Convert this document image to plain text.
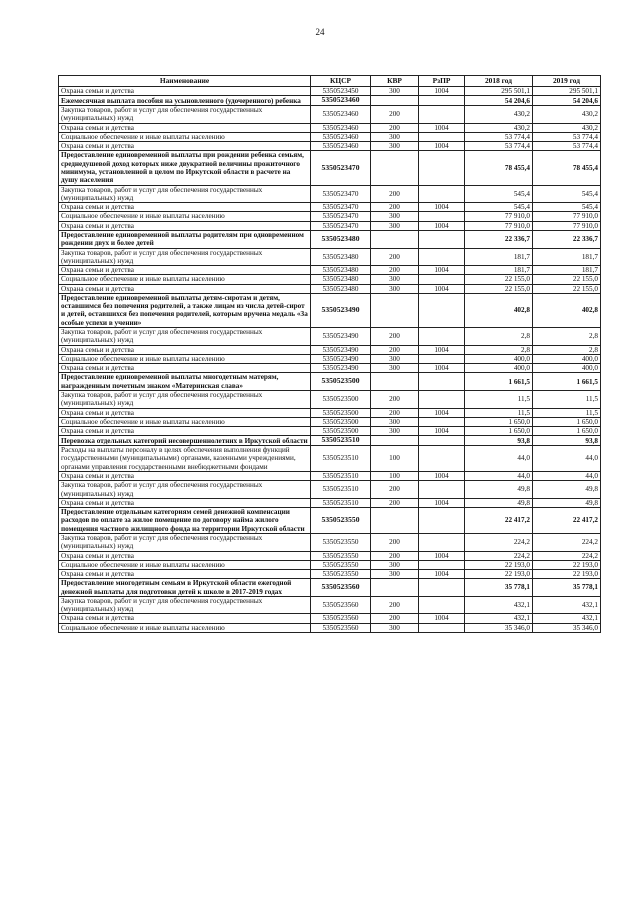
24
Наименование	КЦСР	КВР	РзПР	2018 год	2019 год
Охрана семьи и детства	5350523450	300	1004	295 501,1	295 501,1
Ежемесячная выплата пособия на усыновленного (удочеренного) ребенка	5350523460			54 204,6	54 204,6
Закупка товаров, работ и услуг для обеспечения государственных (муниципальных) нужд	5350523460	200		430,2	430,2
Охрана семьи и детства	5350523460	200	1004	430,2	430,2
Социальное обеспечение и иные выплаты населению	5350523460	300		53 774,4	53 774,4
Охрана семьи и детства	5350523460	300	1004	53 774,4	53 774,4
Предоставление единовременной выплаты при рождении ребенка семьям, среднедушевой доход которых ниже двукратной величины прожиточного минимума, установленной в целом по Иркутской области в расчете на душу населения	5350523470			78 455,4	78 455,4
Закупка товаров, работ и услуг для обеспечения государственных (муниципальных) нужд	5350523470	200		545,4	545,4
Охрана семьи и детства	5350523470	200	1004	545,4	545,4
Социальное обеспечение и иные выплаты населению	5350523470	300		77 910,0	77 910,0
Охрана семьи и детства	5350523470	300	1004	77 910,0	77 910,0
Предоставление единовременной выплаты родителям при одновременном рождении двух и более детей	5350523480			22 336,7	22 336,7
Закупка товаров, работ и услуг для обеспечения государственных (муниципальных) нужд	5350523480	200		181,7	181,7
Охрана семьи и детства	5350523480	200	1004	181,7	181,7
Социальное обеспечение и иные выплаты населению	5350523480	300		22 155,0	22 155,0
Охрана семьи и детства	5350523480	300	1004	22 155,0	22 155,0
Предоставление единовременной выплаты детям-сиротам и детям, оставшимся без попечения родителей, а также лицам из числа детей-сирот и детей, оставшихся без попечения родителей, которым вручена медаль «За особые успехи в учении»	5350523490			402,8	402,8
Закупка товаров, работ и услуг для обеспечения государственных (муниципальных) нужд	5350523490	200		2,8	2,8
Охрана семьи и детства	5350523490	200	1004	2,8	2,8
Социальное обеспечение и иные выплаты населению	5350523490	300		400,0	400,0
Охрана семьи и детства	5350523490	300	1004	400,0	400,0
Предоставление единовременной выплаты многодетным матерям, награжденным почетным знаком «Материнская слава»	5350523500			1 661,5	1 661,5
Закупка товаров, работ и услуг для обеспечения государственных (муниципальных) нужд	5350523500	200		11,5	11,5
Охрана семьи и детства	5350523500	200	1004	11,5	11,5
Социальное обеспечение и иные выплаты населению	5350523500	300		1 650,0	1 650,0
Охрана семьи и детства	5350523500	300	1004	1 650,0	1 650,0
Перевозка отдельных категорий несовершеннолетних в Иркутской области	5350523510			93,8	93,8
Расходы на выплаты персоналу в целях обеспечения выполнения функций государственными (муниципальными) органами, казенными учреждениями, органами управления государственными внебюджетными фондами	5350523510	100		44,0	44,0
Охрана семьи и детства	5350523510	100	1004	44,0	44,0
Закупка товаров, работ и услуг для обеспечения государственных (муниципальных) нужд	5350523510	200		49,8	49,8
Охрана семьи и детства	5350523510	200	1004	49,8	49,8
Предоставление отдельным категориям семей денежной компенсации расходов по оплате за жилое помещение по договору найма жилого помещения частного жилищного фонда на территории Иркутской области	5350523550			22 417,2	22 417,2
Закупка товаров, работ и услуг для обеспечения государственных (муниципальных) нужд	5350523550	200		224,2	224,2
Охрана семьи и детства	5350523550	200	1004	224,2	224,2
Социальное обеспечение и иные выплаты населению	5350523550	300		22 193,0	22 193,0
Охрана семьи и детства	5350523550	300	1004	22 193,0	22 193,0
Предоставление многодетным семьям в Иркутской области ежегодной денежной выплаты для подготовки детей к школе в 2017-2019 годах	5350523560			35 778,1	35 778,1
Закупка товаров, работ и услуг для обеспечения государственных (муниципальных) нужд	5350523560	200		432,1	432,1
Охрана семьи и детства	5350523560	200	1004	432,1	432,1
Социальное обеспечение и иные выплаты населению	5350523560	300		35 346,0	35 346,0
